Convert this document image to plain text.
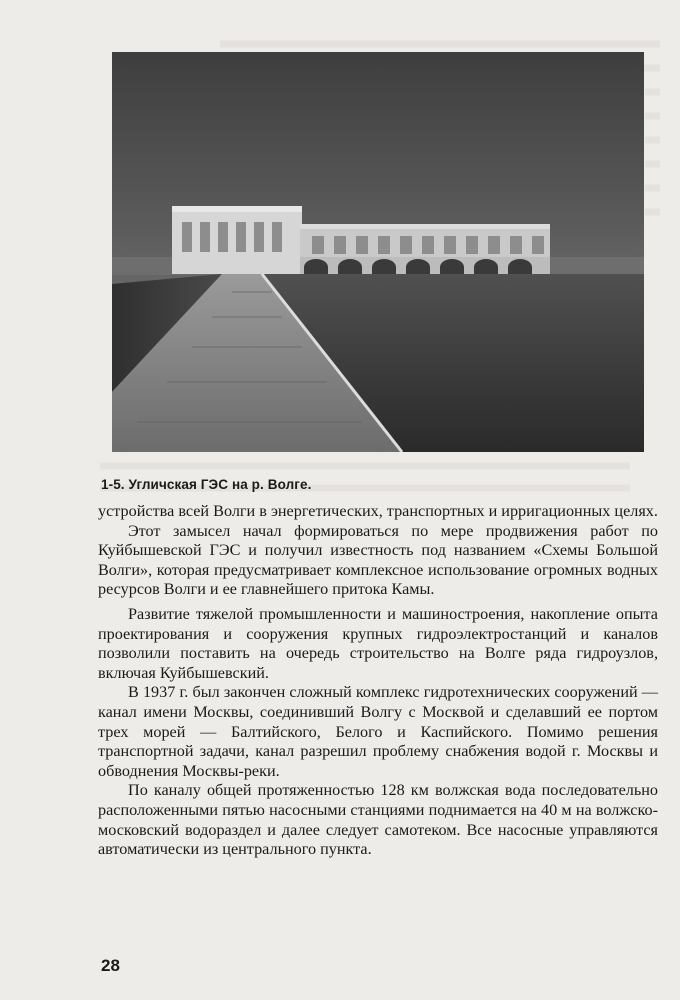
1-5. Угличская ГЭС на р. Волге.

устройства всей Волги в энергетических, транспортных и ирригационных целях.

Этот замысел начал формироваться по мере продвижения работ по Куйбышевской ГЭС и получил известность под названием «Схемы Большой Волги», которая предусматривает комплексное использование огромных водных ресурсов Волги и ее главнейшего притока Камы.

Развитие тяжелой промышленности и машиностроения, накопление опыта проектирования и сооружения крупных гидроэлектростанций и каналов позволили поставить на очередь строительство на Волге ряда гидроузлов, включая Куйбышевский.

В 1937 г. был закончен сложный комплекс гидротехнических сооружений — канал имени Москвы, соединивший Волгу с Москвой и сделавший ее портом трех морей — Балтийского, Белого и Каспийского. Помимо решения транспортной задачи, канал разрешил проблему снабжения водой г. Москвы и обводнения Москвы-реки.

По каналу общей протяженностью 128 км волжская вода последовательно расположенными пятью насосными станциями поднимается на 40 м на волжско-московский водораздел и далее следует самотеком. Все насосные управляются автоматически из центрального пункта.

28
